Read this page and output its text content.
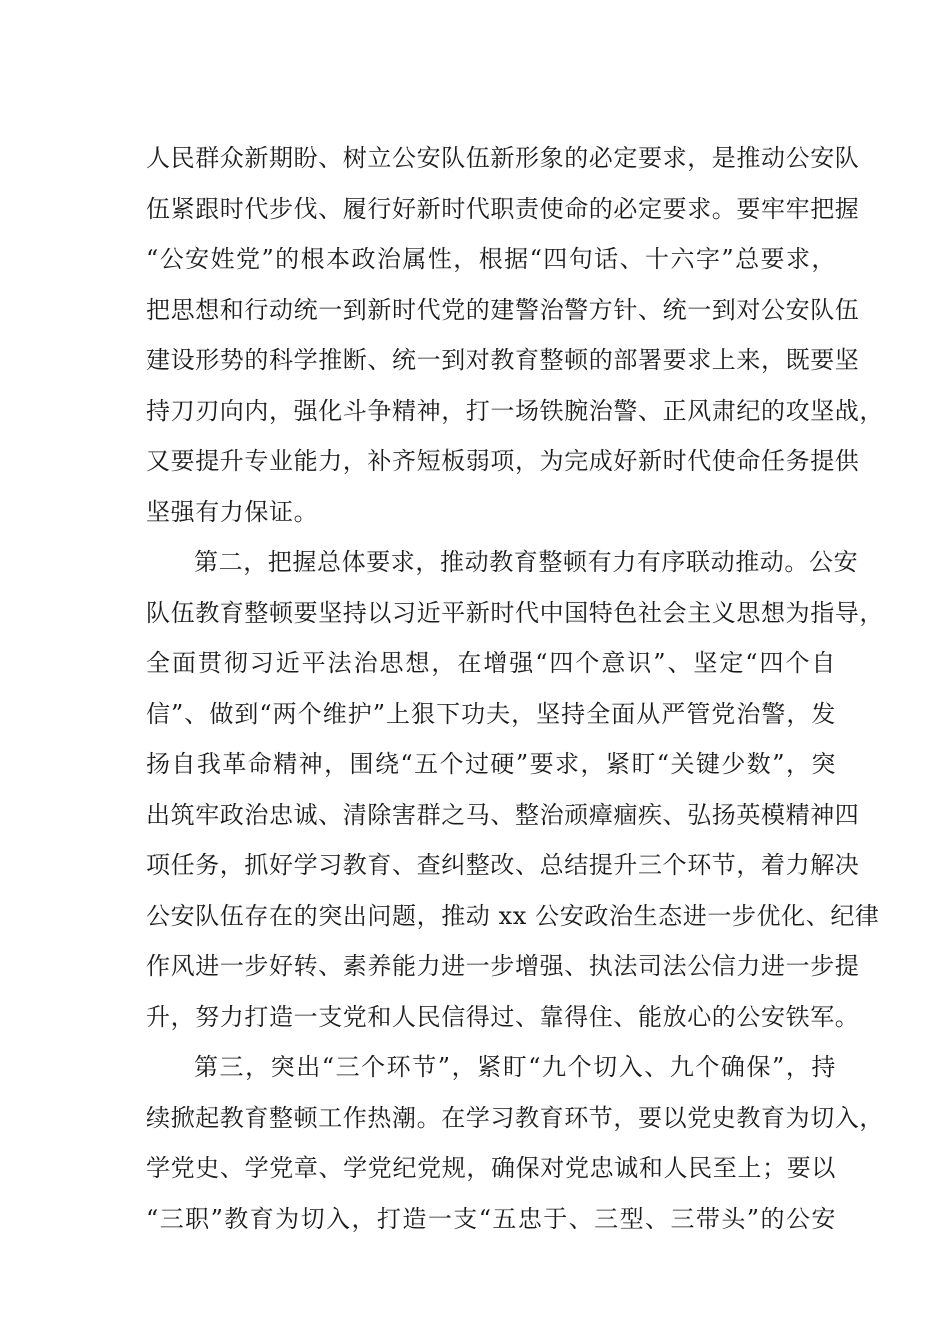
人民群众新期盼、树立公安队伍新形象的必定要求，是推动公安队
伍紧跟时代步伐、履行好新时代职责使命的必定要求。要牢牢把握
“公安姓党”的根本政治属性，根据“四句话、十六字”总要求，
把思想和行动统一到新时代党的建警治警方针、统一到对公安队伍
建设形势的科学推断、统一到对教育整顿的部署要求上来，既要坚
持刀刃向内，强化斗争精神，打一场铁腕治警、正风肃纪的攻坚战，
又要提升专业能力，补齐短板弱项，为完成好新时代使命任务提供
坚强有力保证。
第二，把握总体要求，推动教育整顿有力有序联动推动。公安
队伍教育整顿要坚持以习近平新时代中国特色社会主义思想为指导，
全面贯彻习近平法治思想，在增强“四个意识”、坚定“四个自
信”、做到“两个维护”上狠下功夫，坚持全面从严管党治警，发
扬自我革命精神，围绕“五个过硬”要求，紧盯“关键少数”，突
出筑牢政治忠诚、清除害群之马、整治顽瘴痼疾、弘扬英模精神四
项任务，抓好学习教育、查纠整改、总结提升三个环节，着力解决
公安队伍存在的突出问题，推动 xx 公安政治生态进一步优化、纪律
作风进一步好转、素养能力进一步增强、执法司法公信力进一步提
升，努力打造一支党和人民信得过、靠得住、能放心的公安铁军。
第三，突出“三个环节”，紧盯“九个切入、九个确保”，持
续掀起教育整顿工作热潮。在学习教育环节，要以党史教育为切入，
学党史、学党章、学党纪党规，确保对党忠诚和人民至上；要以
“三职”教育为切入，打造一支“五忠于、三型、三带头”的公安
